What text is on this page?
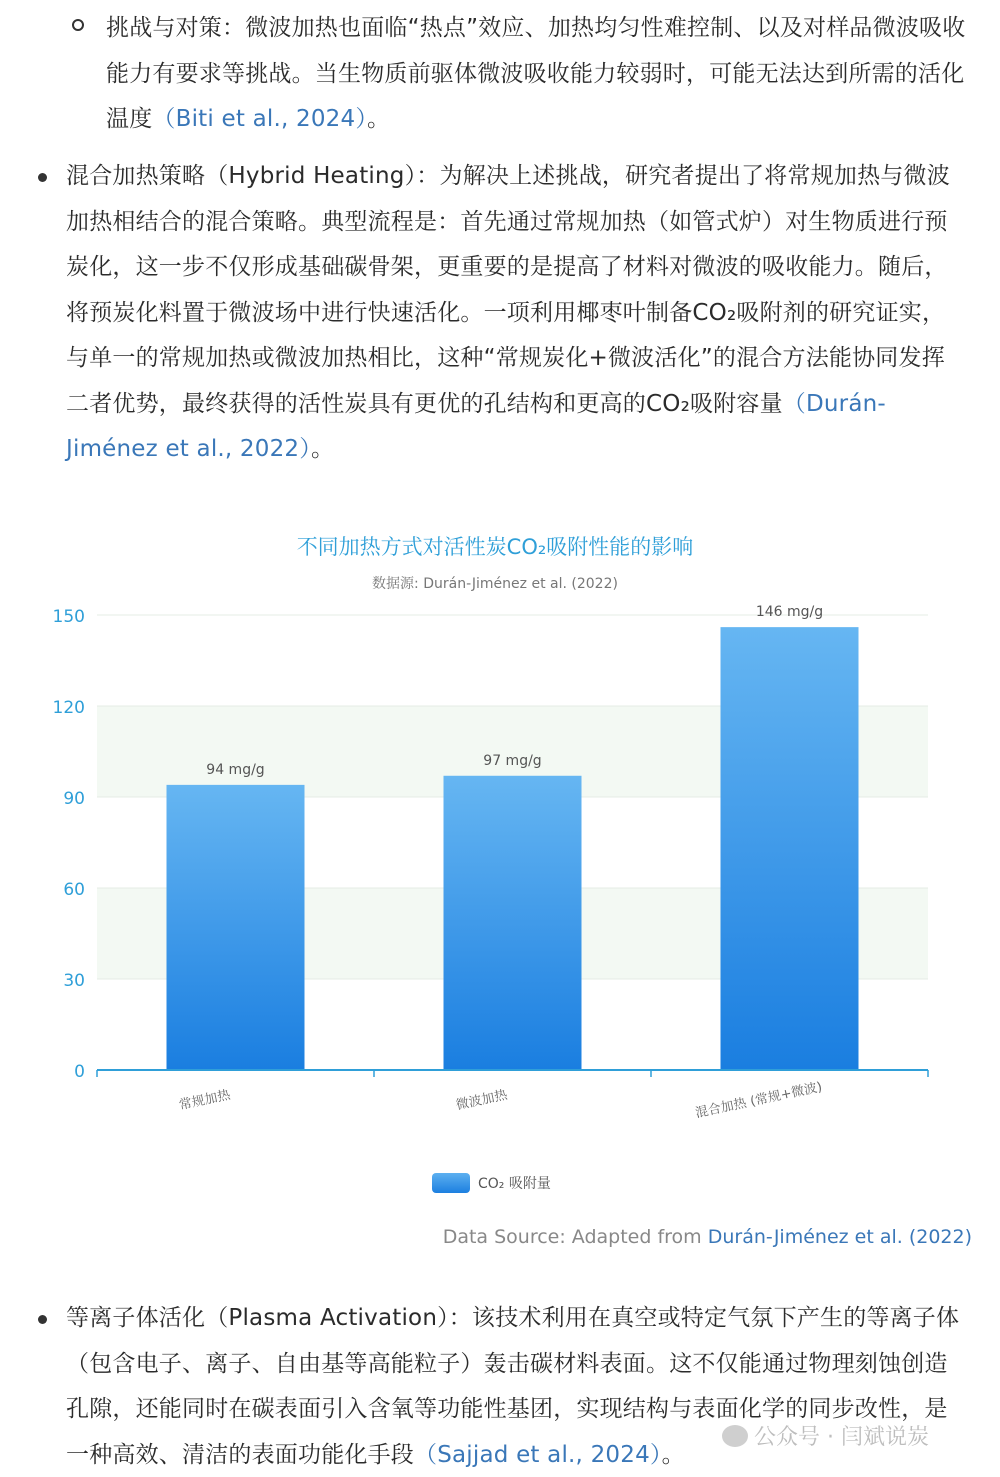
挑战与对策：微波加热也面临“热点”效应、加热均匀性难控制、以及对样品微波吸收能力有要求等挑战。当生物质前驱体微波吸收能力较弱时，可能无法达到所需的活化温度（Biti et al., 2024）。

混合加热策略（Hybrid Heating）：为解决上述挑战，研究者提出了将常规加热与微波加热相结合的混合策略。典型流程是：首先通过常规加热（如管式炉）对生物质进行预炭化，这一步不仅形成基础碳骨架，更重要的是提高了材料对微波的吸收能力。随后，将预炭化料置于微波场中进行快速活化。一项利用椰枣叶制备CO₂吸附剂的研究证实，与单一的常规加热或微波加热相比，这种“常规炭化+微波活化”的混合方法能协同发挥二者优势，最终获得的活性炭具有更优的孔结构和更高的CO₂吸附容量（Durán-Jiménez et al., 2022）。

不同加热方式对活性炭CO₂吸附性能的影响
数据源: Durán-Jiménez et al. (2022)
0
30
60
90
120
150
94 mg/g
常规加热
97 mg/g
微波加热
146 mg/g
混合加热 (常规+微波)
CO₂ 吸附量
Data Source: Adapted from Durán-Jiménez et al. (2022)

等离子体活化（Plasma Activation）：该技术利用在真空或特定气氛下产生的等离子体（包含电子、离子、自由基等高能粒子）轰击碳材料表面。这不仅能通过物理刻蚀创造孔隙，还能同时在碳表面引入含氧等功能性基团，实现结构与表面化学的同步改性，是一种高效、清洁的表面功能化手段（Sajjad et al., 2024）。

公众号 · 闫斌说炭
